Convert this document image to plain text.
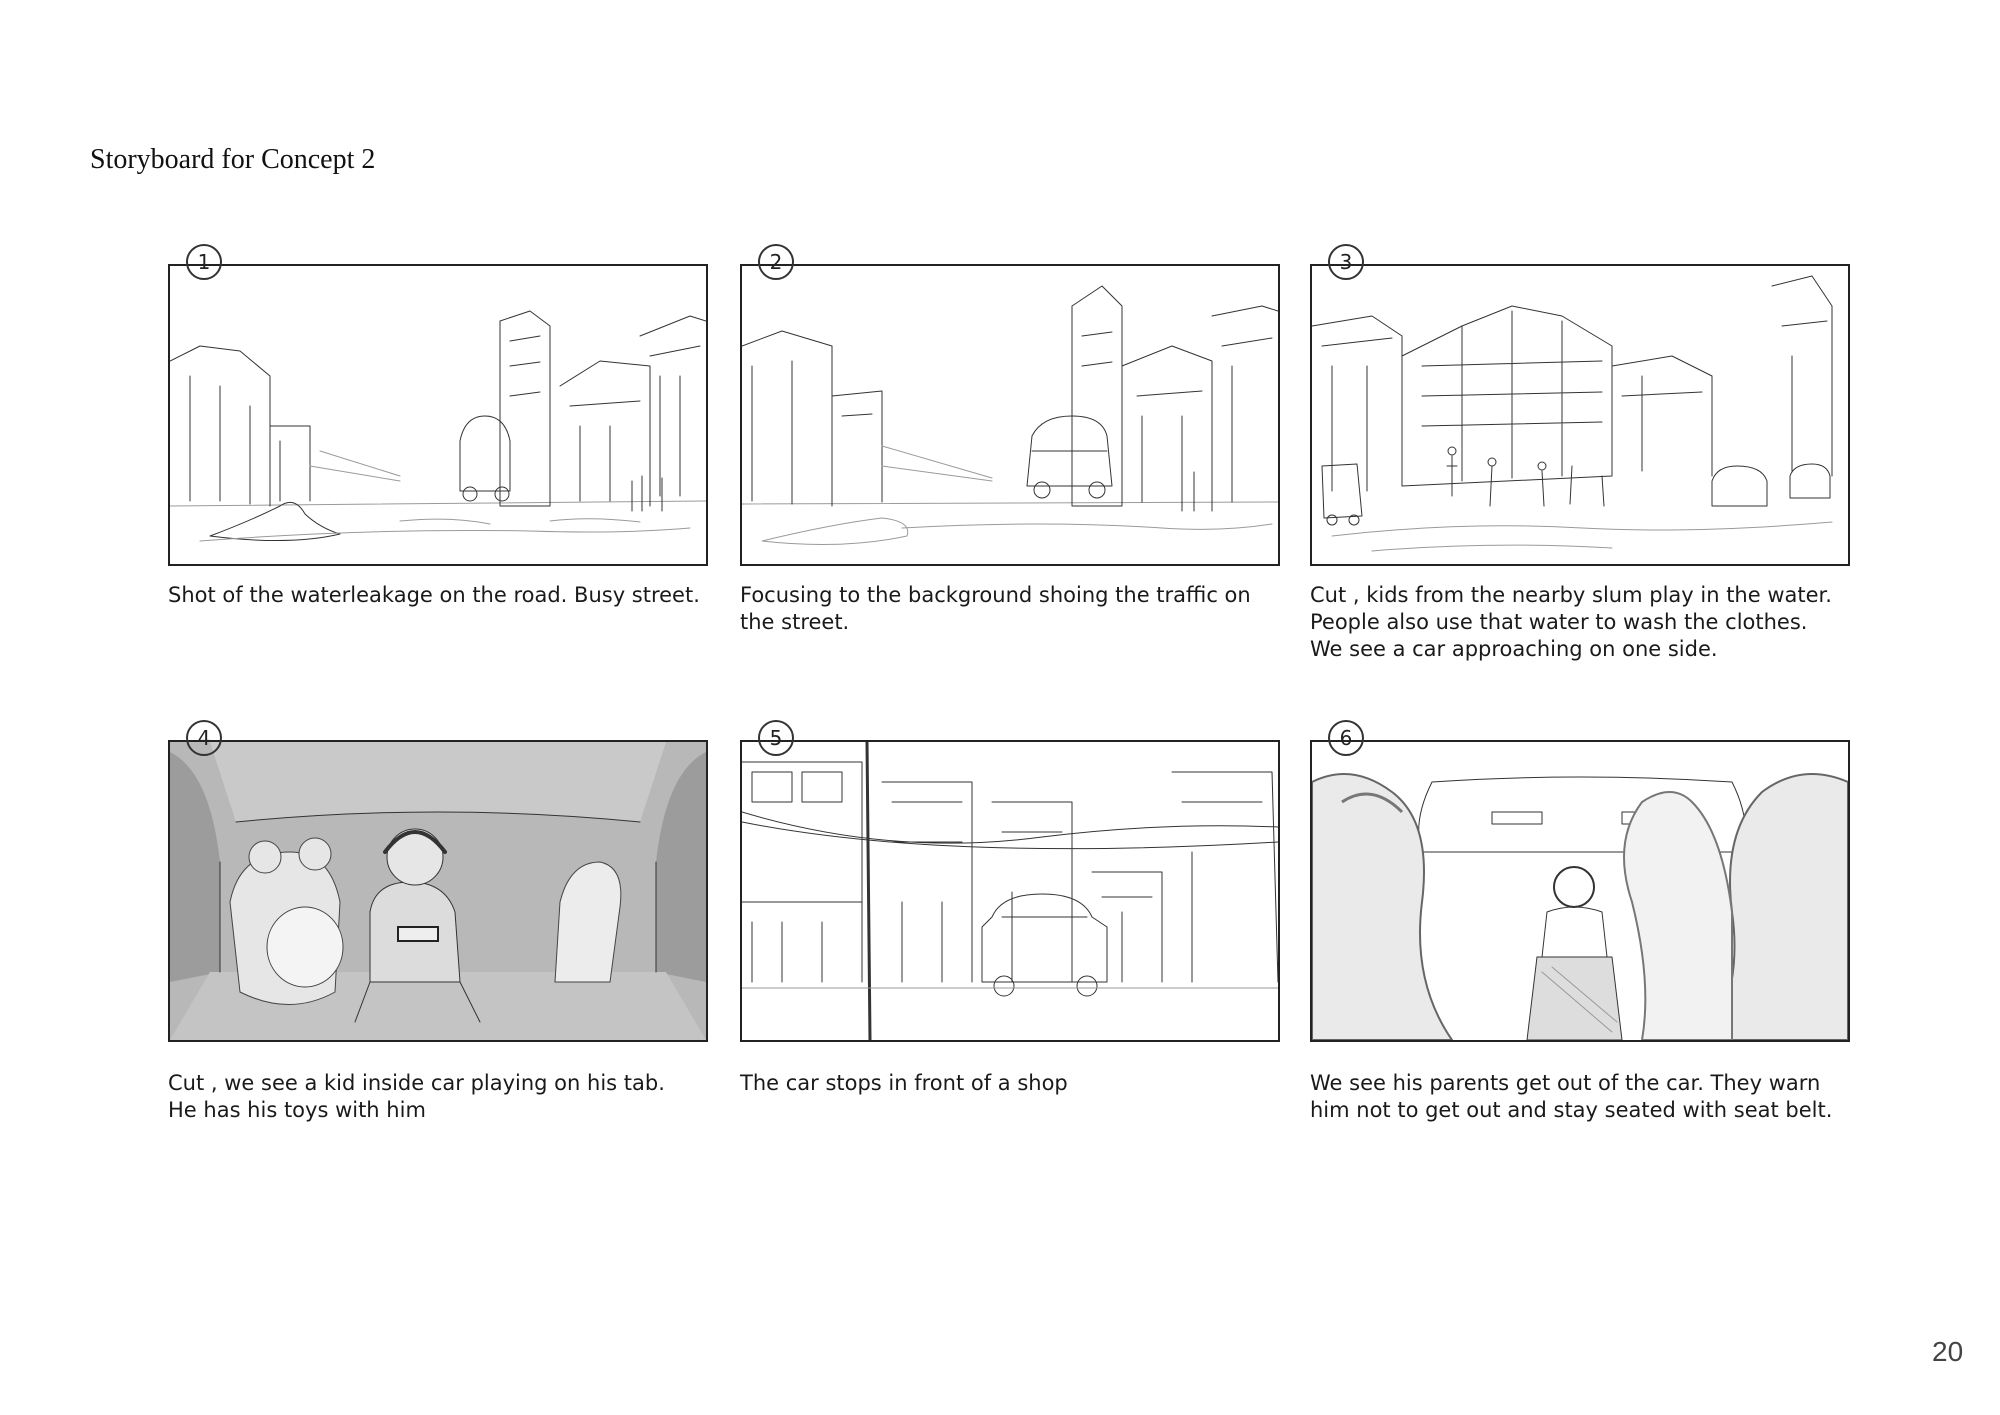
Storyboard for Concept 2
1
Shot of the waterleakage on the road. Busy street.
2
Focusing to the background shoing the traffic on
the street.
3
Cut , kids from the nearby slum play in the water.
People also use that water to wash the clothes.
We see a car approaching on one side.
4
Cut , we see a kid inside car playing on his tab.
He has his toys with him
5
The car stops in front of a shop
6
We see his parents get out of the car. They warn
him not to get out and stay seated with seat belt.
20
